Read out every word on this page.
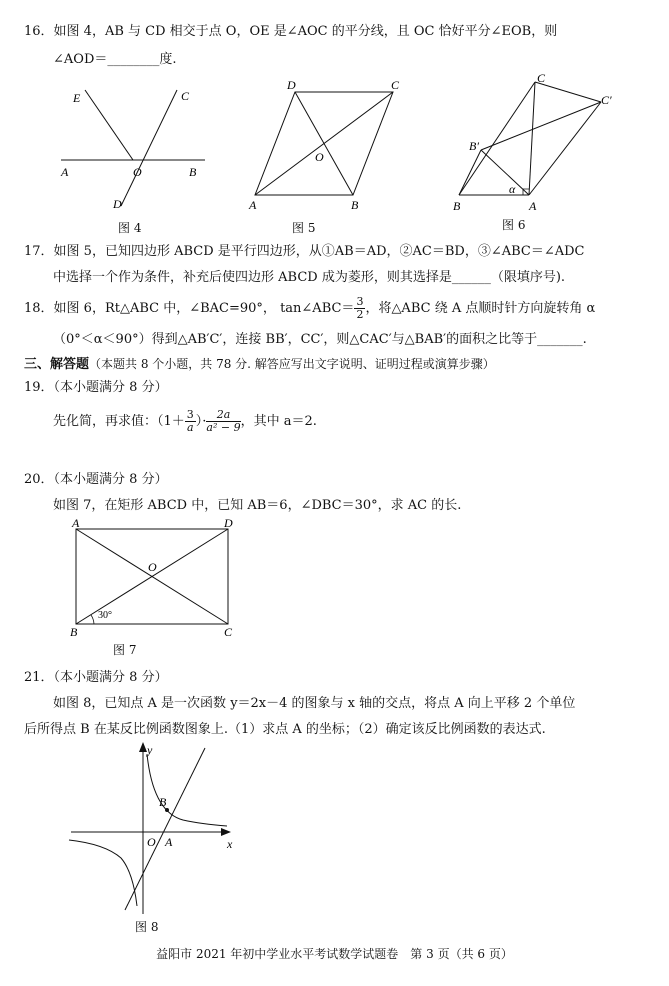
16．如图 4，AB 与 CD 相交于点 O，OE 是∠AOC 的平分线，且 OC 恰好平分∠EOB，则
∠AOD＝________度.
E	C
A	O	B
D
图 4
D	C
O
A	B
图 5
C
C′
B′
α
B	A
图 6
17．如图 5，已知四边形 ABCD 是平行四边形，从①AB＝AD，②AC＝BD，③∠ABC＝∠ADC
中选择一个作为条件，补充后使四边形 ABCD 成为菱形，则其选择是______（限填序号).
18．如图 6，Rt△ABC 中，∠BAC=90°， tan∠ABC＝ $\frac{3}{2}$ ，将△ABC 绕 A 点顺时针方向旋转角 α
（0°＜α＜90°）得到△AB′C′，连接 BB′，CC′，则△CAC′与△BAB′的面积之比等于_______.
三、解答题（本题共 8 个小题，共 78 分. 解答应写出文字说明、证明过程或演算步骤）
19．（本小题满分 8 分）
先化简，再求值：（$1+ \frac{3}{a}$ ）· $\frac{2a}{\text{a² − 9}}$ ，其中 a＝2.
20．（本小题满分 8 分）
如图 7，在矩形 ABCD 中，已知 AB＝6，∠DBC＝30°，求 AC 的长.
A	D
O
B	C
30°
图 7
21．（本小题满分 8 分）
如图 8，已知点 A 是一次函数 y＝2x－4 的图象与 x 轴的交点，将点 A 向上平移 2 个单位
后所得点 B 在某反比例函数图象上.（1）求点 A 的坐标；（2）确定该反比例函数的表达式.
y
x
O A
B
图 8
益阳市 2021 年初中学业水平考试数学试题卷　第 3 页（共 6 页）
